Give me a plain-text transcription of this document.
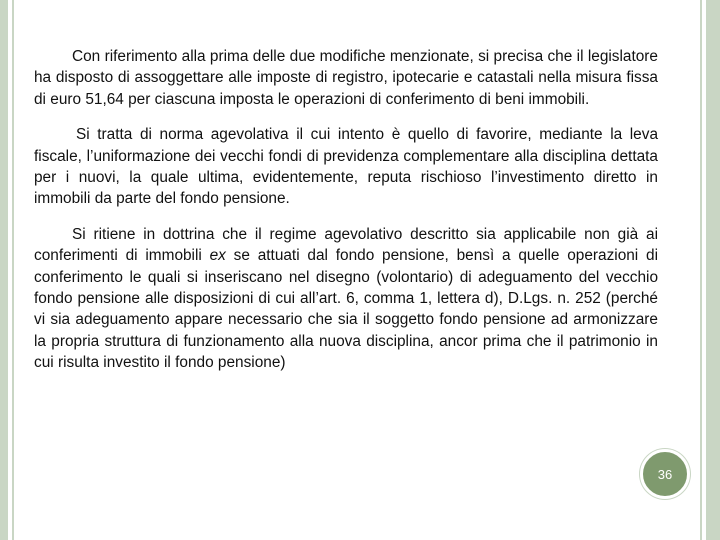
Con riferimento alla prima delle due modifiche menzionate, si precisa che il legislatore ha disposto di assoggettare alle imposte di registro, ipotecarie e catastali nella misura fissa di euro 51,64 per ciascuna imposta le operazioni di conferimento di beni immobili.

Si tratta di norma agevolativa il cui intento è quello di favorire, mediante la leva fiscale, l’uniformazione dei vecchi fondi di previdenza complementare alla disciplina dettata per i nuovi, la quale ultima, evidentemente, reputa rischioso l’investimento diretto in immobili da parte del fondo pensione.

Si ritiene in dottrina che il regime agevolativo descritto sia applicabile non già ai conferimenti di immobili ex se attuati dal fondo pensione, bensì a quelle operazioni di conferimento le quali si inseriscano nel disegno (volontario) di adeguamento del vecchio fondo pensione alle disposizioni di cui all’art. 6, comma 1, lettera d), D.Lgs. n. 252 (perché vi sia adeguamento appare necessario che sia il soggetto fondo pensione ad armonizzare la propria struttura di funzionamento alla nuova disciplina, ancor prima che il patrimonio in cui risulta investito il fondo pensione)

36
